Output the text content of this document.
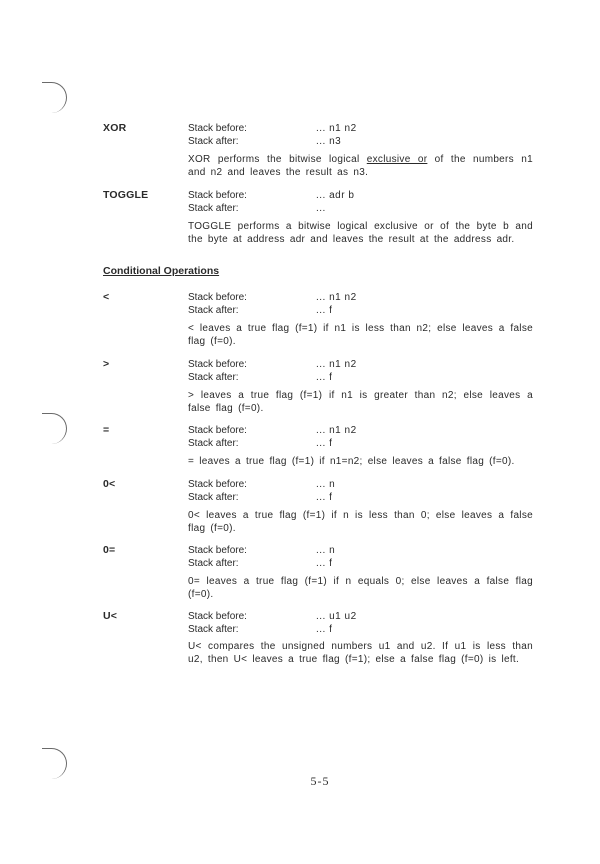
XOR	Stack before:	... n1 n2
Stack after:	... n3
XOR performs the bitwise logical exclusive or of the numbers n1 and n2 and leaves the result as n3.
TOGGLE	Stack before:	... adr b
Stack after:	...
TOGGLE performs a bitwise logical exclusive or of the byte b and the byte at address adr and leaves the result at the address adr.
Conditional Operations
<	Stack before:	... n1 n2
Stack after:	... f
< leaves a true flag (f=1) if n1 is less than n2; else leaves a false flag (f=0).
>	Stack before:	... n1 n2
Stack after:	... f
> leaves a true flag (f=1) if n1 is greater than n2; else leaves a false flag (f=0).
=	Stack before:	... n1 n2
Stack after:	... f
= leaves a true flag (f=1) if n1=n2; else leaves a false flag (f=0).
0<	Stack before:	... n
Stack after:	... f
0< leaves a true flag (f=1) if n is less than 0; else leaves a false flag (f=0).
0=	Stack before:	... n
Stack after:	... f
0= leaves a true flag (f=1) if n equals 0; else leaves a false flag (f=0).
U<	Stack before:	... u1 u2
Stack after:	... f
U< compares the unsigned numbers u1 and u2. If u1 is less than u2, then U< leaves a true flag (f=1); else a false flag (f=0) is left.
5-5
